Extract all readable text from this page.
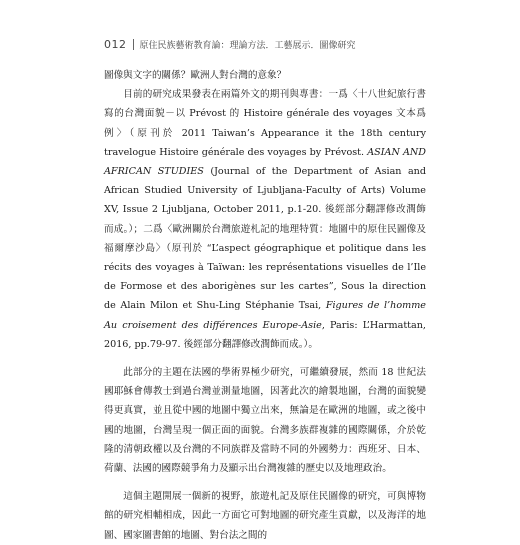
012 原住民族藝術教育論：理論方法．工藝展示．圖像研究

圖像與文字的關係？歐洲人對台灣的意象？

目前的研究成果發表在兩篇外文的期刊與專書：一爲〈十八世紀旅行書寫的台灣面貌－以 Prévost 的 Histoire générale des voyages 文本爲例〉（原刊於 2011 Taiwan’s Appearance it the 18th century travelogue Histoire générale des voyages by Prévost. ASIAN AND AFRICAN STUDIES (Journal of the Department of Asian and African Studied University of Ljubljana-Faculty of Arts) Volume XV, Issue 2 Ljubljana, October 2011, p.1-20. 後經部分翻譯修改潤飾而成。）；二爲〈歐洲關於台灣旅遊札記的地理特質：地圖中的原住民圖像及福爾摩沙島〉（原刊於 “L’aspect géographique et politique dans les récits des voyages à Taïwan: les représentations visuelles de l’Ile de Formose et des aborigènes sur les cartes”, Sous la direction de Alain Milon et Shu-Ling Stéphanie Tsai, Figures de l’homme Au croisement des différences Europe-Asie, Paris: L’Harmattan, 2016, pp.79-97. 後經部分翻譯修改潤飾而成。）。

此部分的主題在法國的學術界極少研究，可繼續發展，然而 18 世紀法國耶穌會傳教士到過台灣並測量地圖，因著此次的繪製地圖，台灣的面貌變得更真實，並且從中國的地圖中獨立出來，無論是在歐洲的地圖，或之後中國的地圖，台灣呈現一個正面的面貌。台灣多族群複雜的國際關係，介於乾隆的清朝政權以及台灣的不同族群及當時不同的外國勢力：西班牙、日本、荷蘭、法國的國際競爭角力及顯示出台灣複雜的歷史以及地理政治。

這個主題開展一個新的視野，旅遊札記及原住民圖像的研究，可與博物館的研究相輔相成，因此一方面它可對地圖的研究產生貢獻，以及海洋的地圖、國家圖書館的地圖、對台法之間的
